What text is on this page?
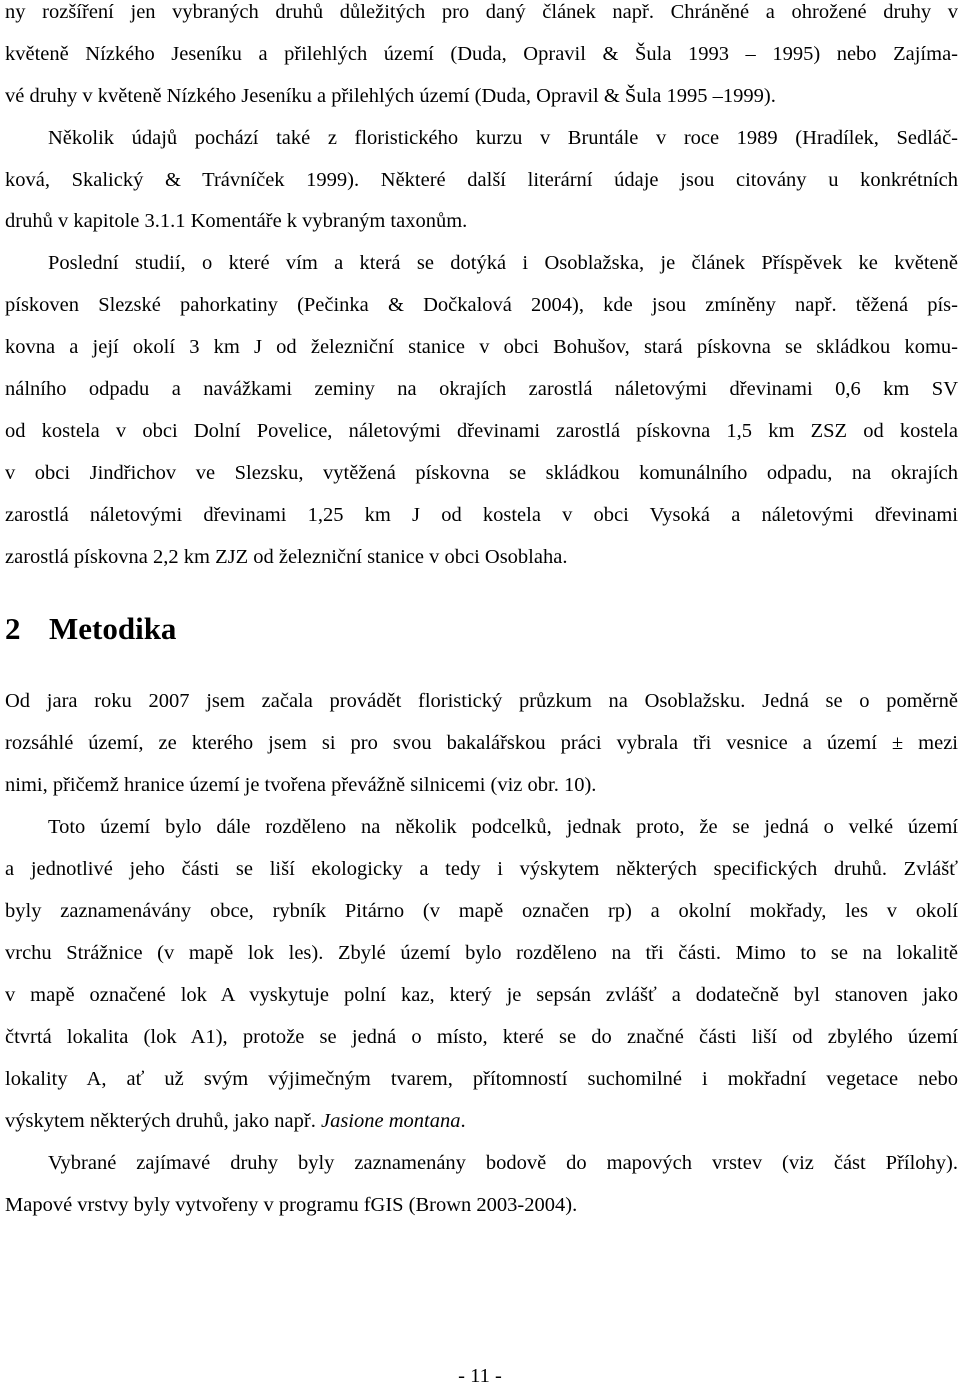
ny rozšíření jen vybraných druhů důležitých pro daný článek např. Chráněné a ohrožené druhy v
květeně Nízkého Jeseníku a přilehlých území (Duda, Opravil & Šula 1993 – 1995) nebo Zajíma-
vé druhy v květeně Nízkého Jeseníku a přilehlých území (Duda, Opravil & Šula 1995 –1999).
Několik údajů pochází také z floristického kurzu v Bruntále v roce 1989 (Hradílek, Sedláč-
ková, Skalický & Trávníček 1999). Některé další literární údaje jsou citovány u konkrétních
druhů v kapitole 3.1.1 Komentáře k vybraným taxonům.
Poslední studií, o které vím a která se dotýká i Osoblažska, je článek Příspěvek ke květeně
pískoven Slezské pahorkatiny (Pečinka & Dočkalová 2004), kde jsou zmíněny např. těžená pís-
kovna a její okolí 3 km J od železniční stanice v obci Bohušov, stará pískovna se skládkou komu-
nálního odpadu a navážkami zeminy na okrajích zarostlá náletovými dřevinami 0,6 km SV
od kostela v obci Dolní Povelice, náletovými dřevinami zarostlá pískovna 1,5 km ZSZ od kostela
v obci Jindřichov ve Slezsku, vytěžená pískovna se skládkou komunálního odpadu, na okrajích
zarostlá náletovými dřevinami 1,25 km J od kostela v obci Vysoká a náletovými dřevinami
zarostlá pískovna 2,2 km ZJZ od železniční stanice v obci Osoblaha.
2 Metodika
Od jara roku 2007 jsem začala provádět floristický průzkum na Osoblažsku. Jedná se o poměrně
rozsáhlé území, ze kterého jsem si pro svou bakalářskou práci vybrala tři vesnice a území ± mezi
nimi, přičemž hranice území je tvořena převážně silnicemi (viz obr. 10).
Toto území bylo dále rozděleno na několik podcelků, jednak proto, že se jedná o velké území
a jednotlivé jeho části se liší ekologicky a tedy i výskytem některých specifických druhů. Zvlášť
byly zaznamenávány obce, rybník Pitárno (v mapě označen rp) a okolní mokřady, les v okolí
vrchu Strážnice (v mapě lok les). Zbylé území bylo rozděleno na tři části. Mimo to se na lokalitě
v mapě označené lok A vyskytuje polní kaz, který je sepsán zvlášť a dodatečně byl stanoven jako
čtvrtá lokalita (lok A1), protože se jedná o místo, které se do značné části liší od zbylého území
lokality A, ať už svým výjimečným tvarem, přítomností suchomilné i mokřadní vegetace nebo
výskytem některých druhů, jako např. Jasione montana.
Vybrané zajímavé druhy byly zaznamenány bodově do mapových vrstev (viz část Přílohy).
Mapové vrstvy byly vytvořeny v programu fGIS (Brown 2003-2004).
- 11 -
